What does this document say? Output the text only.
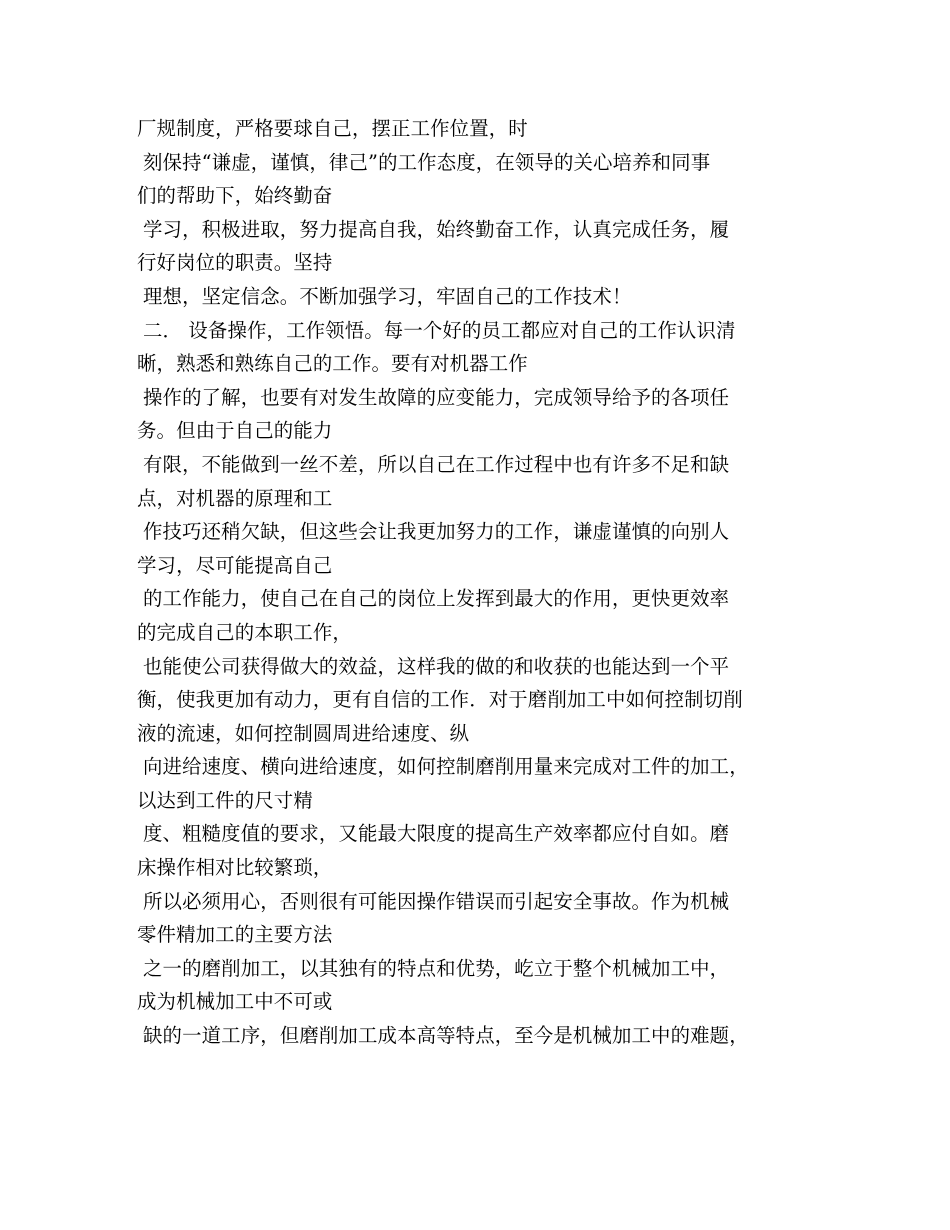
厂规制度，严格要球自己，摆正工作位置，时
刻保持“谦虚，谨慎，律己”的工作态度，在领导的关心培养和同事
们的帮助下，始终勤奋
学习，积极进取，努力提高自我，始终勤奋工作，认真完成任务，履
行好岗位的职责。坚持
理想，坚定信念。不断加强学习，牢固自己的工作技术！
二． 设备操作，工作领悟。每一个好的员工都应对自己的工作认识清
晰，熟悉和熟练自己的工作。要有对机器工作
操作的了解，也要有对发生故障的应变能力，完成领导给予的各项任
务。但由于自己的能力
有限，不能做到一丝不差，所以自己在工作过程中也有许多不足和缺
点，对机器的原理和工
作技巧还稍欠缺，但这些会让我更加努力的工作，谦虚谨慎的向别人
学习，尽可能提高自己
的工作能力，使自己在自己的岗位上发挥到最大的作用，更快更效率
的完成自己的本职工作，
也能使公司获得做大的效益，这样我的做的和收获的也能达到一个平
衡，使我更加有动力，更有自信的工作．对于磨削加工中如何控制切削
液的流速，如何控制圆周进给速度、纵
向进给速度、横向进给速度，如何控制磨削用量来完成对工件的加工，
以达到工件的尺寸精
度、粗糙度值的要求，又能最大限度的提高生产效率都应付自如。磨
床操作相对比较繁琐，
所以必须用心，否则很有可能因操作错误而引起安全事故。作为机械
零件精加工的主要方法
之一的磨削加工，以其独有的特点和优势，屹立于整个机械加工中，
成为机械加工中不可或
缺的一道工序，但磨削加工成本高等特点，至今是机械加工中的难题，
